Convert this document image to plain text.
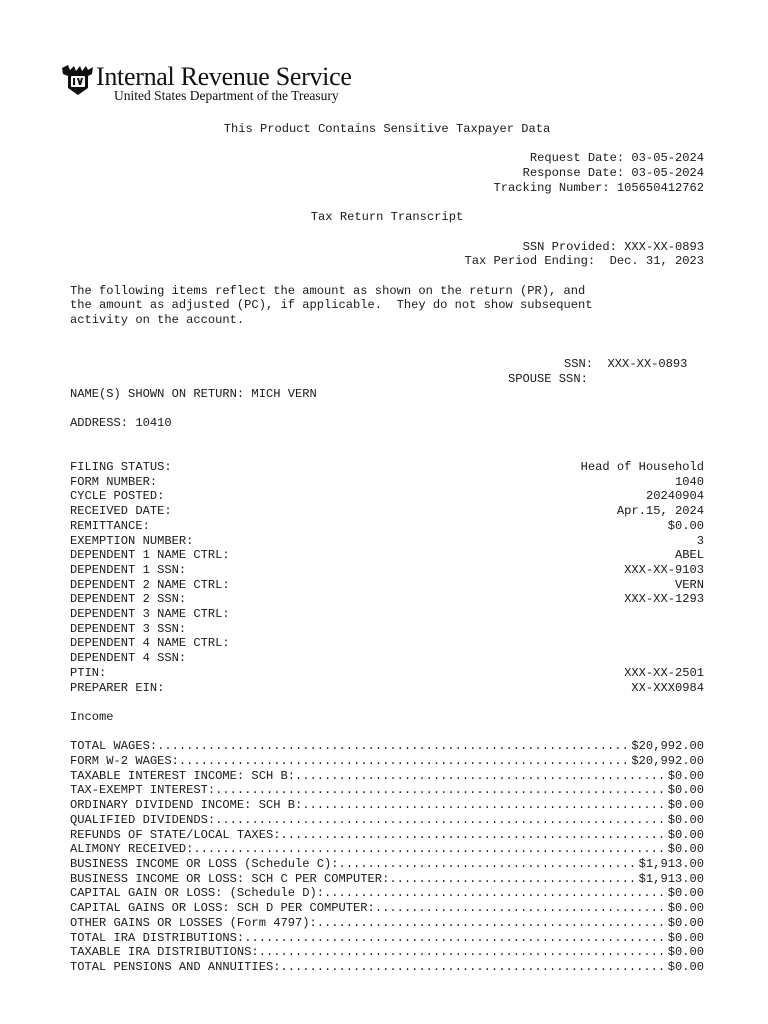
Internal Revenue Service
United States Department of the Treasury
This Product Contains Sensitive Taxpayer Data
Request Date: 03-05-2024
Response Date: 03-05-2024
Tracking Number: 105650412762
Tax Return Transcript
SSN Provided: XXX-XX-0893
Tax Period Ending:  Dec. 31, 2023
The following items reflect the amount as shown on the return (PR), and
the amount as adjusted (PC), if applicable.  They do not show subsequent
activity on the account.
SSN:  XXX-XX-0893
SPOUSE SSN:
NAME(S) SHOWN ON RETURN: MICH VERN
ADDRESS: 10410
FILING STATUS:	Head of Household
FORM NUMBER:	1040
CYCLE POSTED:	20240904
RECEIVED DATE:	Apr.15, 2024
REMITTANCE:	$0.00
EXEMPTION NUMBER:	3
DEPENDENT 1 NAME CTRL:	ABEL
DEPENDENT 1 SSN:	XXX-XX-9103
DEPENDENT 2 NAME CTRL:	VERN
DEPENDENT 2 SSN:	XXX-XX-1293
DEPENDENT 3 NAME CTRL:
DEPENDENT 3 SSN:
DEPENDENT 4 NAME CTRL:
DEPENDENT 4 SSN:
PTIN:	XXX-XX-2501
PREPARER EIN:	XX-XXX0984
Income
TOTAL WAGES: .....	$20,992.00
FORM W-2 WAGES: .....	$20,992.00
TAXABLE INTEREST INCOME: SCH B: .....	$0.00
TAX-EXEMPT INTEREST: .....	$0.00
ORDINARY DIVIDEND INCOME: SCH B: .....	$0.00
QUALIFIED DIVIDENDS: .....	$0.00
REFUNDS OF STATE/LOCAL TAXES: .....	$0.00
ALIMONY RECEIVED: .....	$0.00
BUSINESS INCOME OR LOSS (Schedule C): .....	$1,913.00
BUSINESS INCOME OR LOSS: SCH C PER COMPUTER: .....	$1,913.00
CAPITAL GAIN OR LOSS: (Schedule D): .....	$0.00
CAPITAL GAINS OR LOSS: SCH D PER COMPUTER: .....	$0.00
OTHER GAINS OR LOSSES (Form 4797): .....	$0.00
TOTAL IRA DISTRIBUTIONS: .....	$0.00
TAXABLE IRA DISTRIBUTIONS: .....	$0.00
TOTAL PENSIONS AND ANNUITIES: .....	$0.00
